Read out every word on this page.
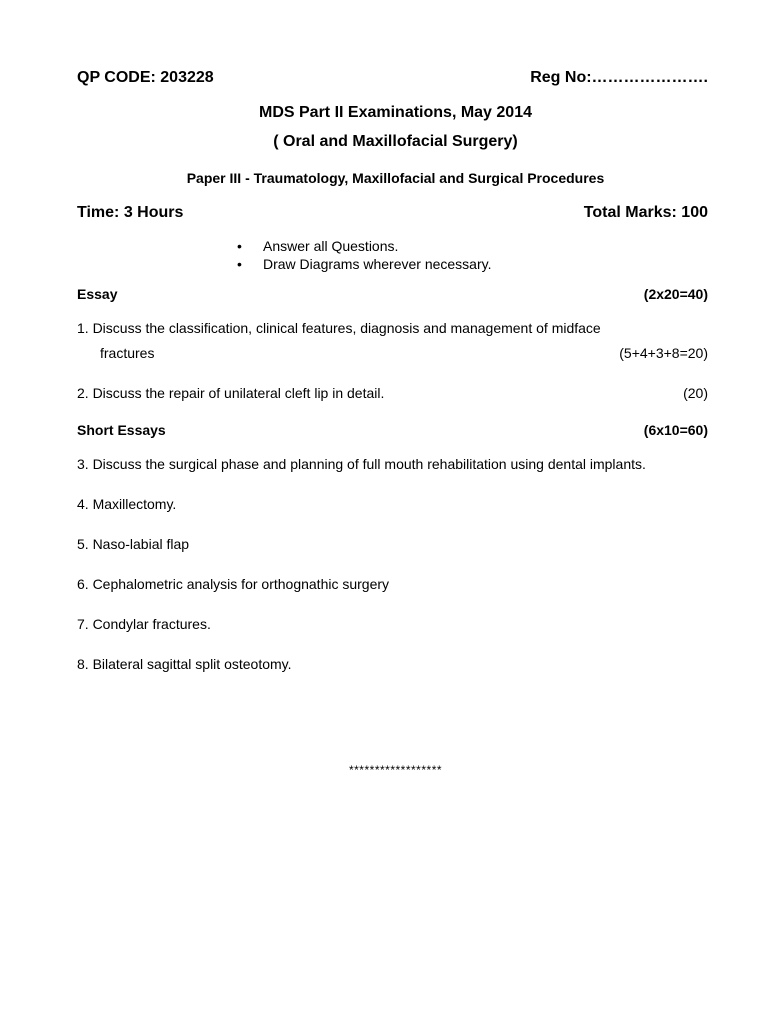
QP CODE: 203228	Reg No:………………….
MDS Part II Examinations, May 2014
( Oral and Maxillofacial Surgery)
Paper III - Traumatology, Maxillofacial and Surgical Procedures
Time: 3 Hours	Total Marks: 100
• Answer all Questions.
• Draw Diagrams wherever necessary.
Essay	(2x20=40)
1. Discuss the classification, clinical features, diagnosis and management of midface
fractures	(5+4+3+8=20)
2. Discuss the repair of unilateral cleft lip in detail.	(20)
Short Essays	(6x10=60)
3. Discuss the surgical phase and planning of full mouth rehabilitation using dental implants.
4. Maxillectomy.
5. Naso-labial flap
6. Cephalometric analysis for orthognathic surgery
7. Condylar fractures.
8. Bilateral sagittal split osteotomy.
******************
